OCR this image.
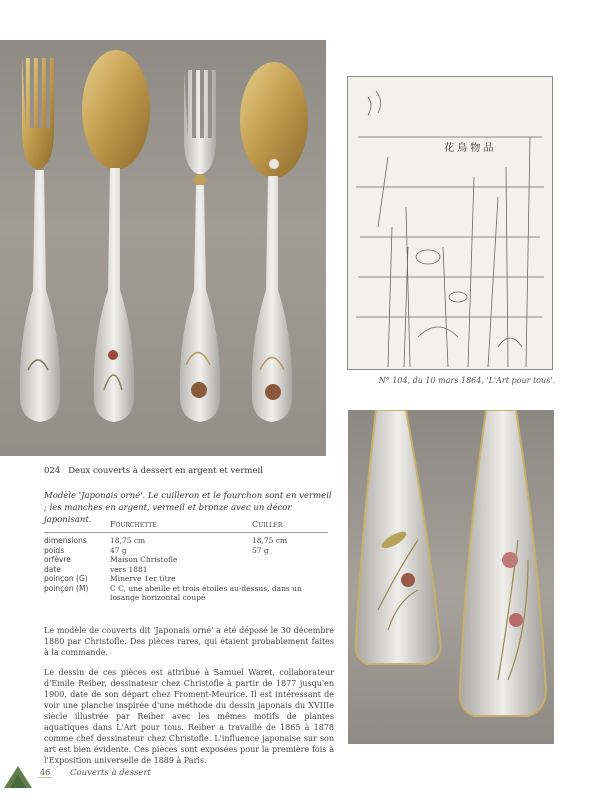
花 鳥 物 品
N° 104, du 10 mars 1864, 'L'Art pour tous'.
024 Deux couverts à dessert en argent et vermeil
Modèle 'Japonais orné'. Le cuilleron et le fourchon sont en vermeil ; les manches en argent, vermeil et bronze avec un décor japonisant.
		Fourchette	Cuiller
dimensions	18,75 cm	18,75 cm
poids	47 g	57 g
orfèvre	Maison Christofle	
date	vers 1881	
poinçon (G)	Minerve 1er titre	
poinçon (M)	C C, une abeille et trois étoiles au-dessus, dans un losange horizontal coupé	

Le modèle de couverts dit 'Japonais orné' a été déposé le 30 décembre 1880 par Christofle. Des pièces rares, qui étaient probablement faites à la commande.

Le dessin de ces pièces est attribué à Samuel Waret, collaborateur d'Emile Reiber, dessinateur chez Christofle à partir de 1877 jusqu'en 1900, date de son départ chez Froment-Meurice. Il est intéressant de voir une planche inspirée d'une méthode du dessin japonais du XVIIIe siècle illustrée par Reiber avec les mêmes motifs de plantes aquatiques dans L'Art pour tous. Reiber a travaillé de 1865 à 1878 comme chef dessinateur chez Christofle. L'influence japonaise sur son art est bien évidente. Ces pièces sont exposées pour la première fois à l'Exposition universelle de 1889 à Paris.

46 Couverts à dessert
